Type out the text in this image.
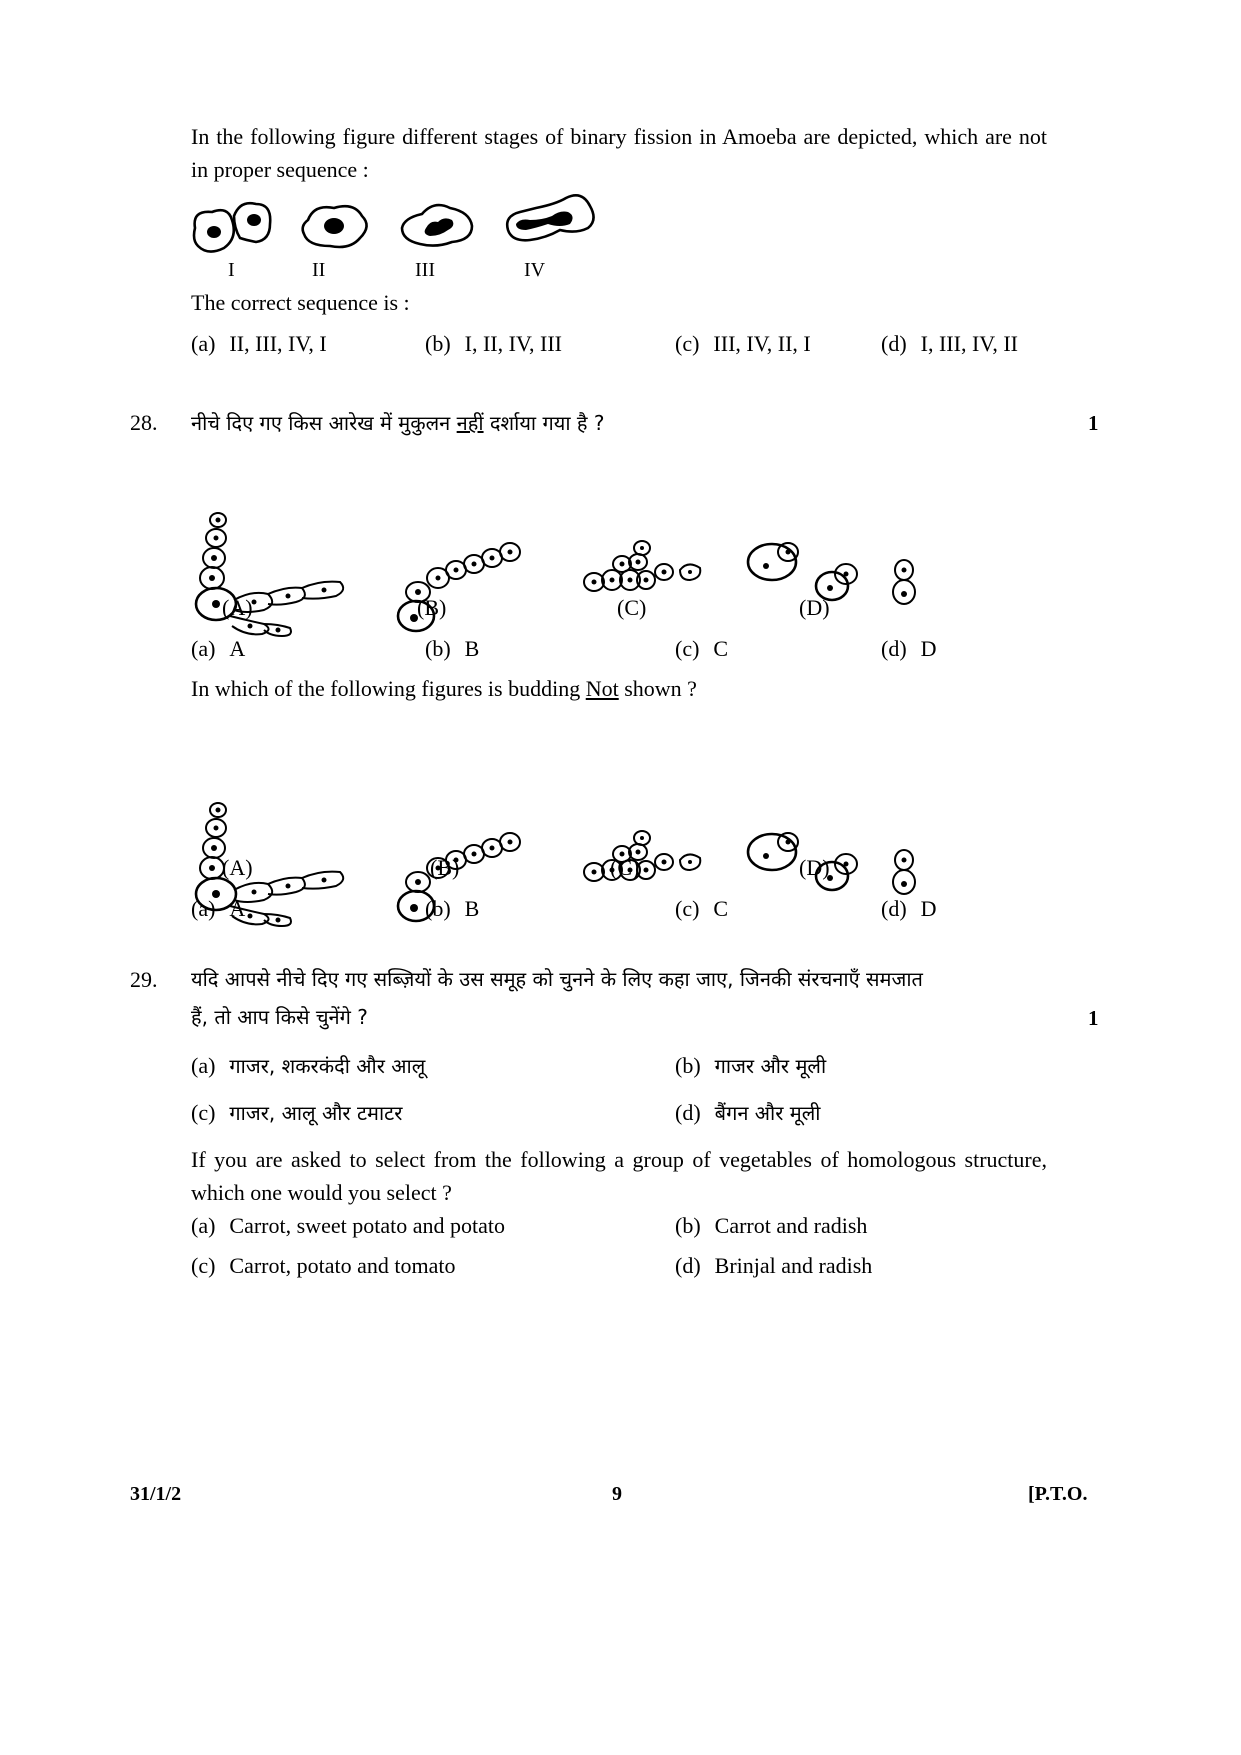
In the following figure different stages of binary fission in Amoeba are depicted, which are not in proper sequence :
I	II	III	IV
The correct sequence is :
(a) II, III, IV, I	(b) I, II, IV, III	(c) III, IV, II, I	(d) I, III, IV, II
28. नीचे दिए गए किस आरेख में मुकुलन नहीं दर्शाया गया है ?	1
(A)	(B)	(C)	(D)
(a) A	(b) B	(c) C	(d) D
In which of the following figures is budding Not shown ?
(A)	(B)	(C)	(D)
(a) A	(b) B	(c) C	(d) D
29. यदि आपसे नीचे दिए गए सब्ज़ियों के उस समूह को चुनने के लिए कहा जाए, जिनकी संरचनाएँ समजात
हैं, तो आप किसे चुनेंगे ?	1
(a) गाजर, शकरकंदी और आलू	(b) गाजर और मूली
(c) गाजर, आलू और टमाटर	(d) बैंगन और मूली
If you are asked to select from the following a group of vegetables of homologous structure, which one would you select ?
(a) Carrot, sweet potato and potato	(b) Carrot and radish
(c) Carrot, potato and tomato	(d) Brinjal and radish
31/1/2	9	[P.T.O.
